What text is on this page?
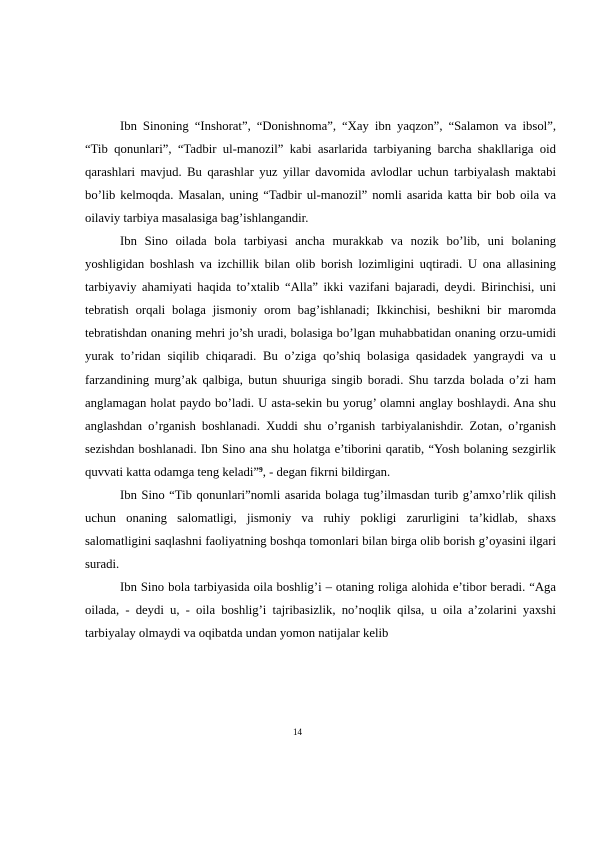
Ibn Sinoning “Inshorat”, “Donishnoma”, “Xay ibn yaqzon”, “Salamon va ibsol”, “Tib qonunlari”, “Tadbir ul-manozil” kabi asarlarida tarbiyaning barcha shakllariga oid qarashlari mavjud. Bu qarashlar yuz yillar davomida avlodlar uchun tarbiyalash maktabi bo’lib kelmoqda. Masalan, uning “Tadbir ul-manozil” nomli asarida katta bir bob oila va oilaviy tarbiya masalasiga bag’ishlangandir.

Ibn Sino oilada bola tarbiyasi ancha murakkab va nozik bo’lib, uni bolaning yoshligidan boshlash va izchillik bilan olib borish lozimligini uqtiradi. U ona allasining tarbiyaviy ahamiyati haqida to’xtalib “Alla” ikki vazifani bajaradi, deydi. Birinchisi, uni tebratish orqali bolaga jismoniy orom bag’ishlanadi; Ikkinchisi, beshikni bir maromda tebratishdan onaning mehri jo’sh uradi, bolasiga bo’lgan muhabbatidan onaning orzu-umidi yurak to’ridan siqilib chiqaradi. Bu o’ziga qo’shiq bolasiga qasidadek yangraydi va u farzandining murg’ak qalbiga, butun shuuriga singib boradi. Shu tarzda bolada o’zi ham anglamagan holat paydo bo’ladi. U asta-sekin bu yorug’ olamni anglay boshlaydi. Ana shu anglashdan o’rganish boshlanadi. Xuddi shu o’rganish tarbiyalanishdir. Zotan, o’rganish sezishdan boshlanadi. Ibn Sino ana shu holatga e’tiborini qaratib, “Yosh bolaning sezgirlik quvvati katta odamga teng keladi”$^9$, - degan fikrni bildirgan.

Ibn Sino “Tib qonunlari”nomli asarida bolaga tug’ilmasdan turib g’amxo’rlik qilish uchun onaning salomatligi, jismoniy va ruhiy pokligi zarurligini ta’kidlab, shaxs salomatligini saqlashni faoliyatning boshqa tomonlari bilan birga olib borish g’oyasini ilgari suradi.

Ibn Sino bola tarbiyasida oila boshlig’i – otaning roliga alohida e’tibor beradi. “Aga oilada, - deydi u, - oila boshlig’i tajribasizlik, no’noqlik qilsa, u oila a’zolarini yaxshi tarbiyalay olmaydi va oqibatda undan yomon natijalar kelib

14
